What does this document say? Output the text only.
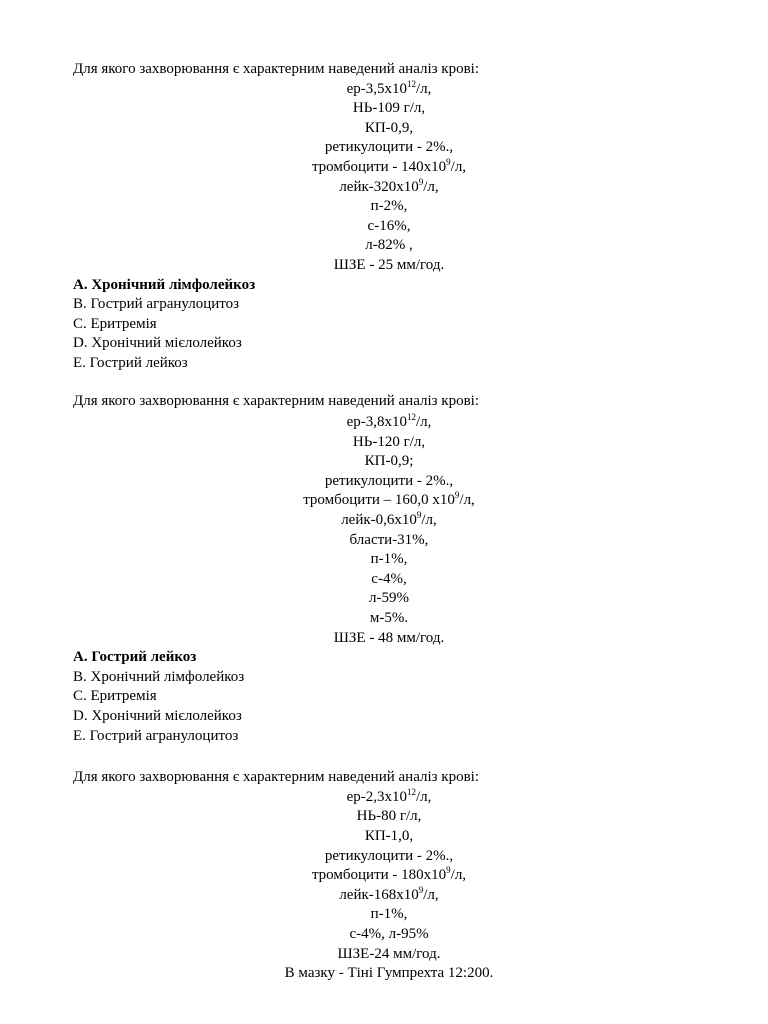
Для якого захворювання є характерним наведений аналіз крові:
$ер-3,5х10^{12}/л$,
НЬ-109 г/л,
КП-0,9,
ретикулоцити - 2%.,
тромбоцити - $140х10^9/л$,
лейк-$320х10^9/л$,
п-2%,
с-16%,
л-82% ,
ШЗЕ - 25 мм/год.
А. Хронічний лімфолейкоз
В. Гострий агранулоцитоз
С. Еритремія
D. Хронічний мієлолейкоз
Е. Гострий лейкоз
Для якого захворювання є характерним наведений аналіз крові:
$ер-3,8х10^{12}/л$,
НЬ-120 г/л,
КП-0,9;
ретикулоцити - 2%.,
тромбоцити – 160,0 $х10^9/л$,
лейк-$0,6х10^9/л$,
бласти-31%,
п-1%,
с-4%,
л-59%
м-5%.
ШЗЕ - 48 мм/год.
А. Гострий лейкоз
В. Хронічний лімфолейкоз
С. Еритремія
D. Хронічний мієлолейкоз
Е. Гострий агранулоцитоз
Для якого захворювання є характерним наведений аналіз крові:
$ер-2,3х10^{12}/л$,
НЬ-80 г/л,
КП-1,0,
ретикулоцити - 2%.,
тромбоцити - $180х10^9/л$,
лейк-$168х10^9/л$,
п-1%,
с-4%, л-95%
ШЗЕ-24 мм/год.
В мазку - Тіні Гумпрехта 12:200.
